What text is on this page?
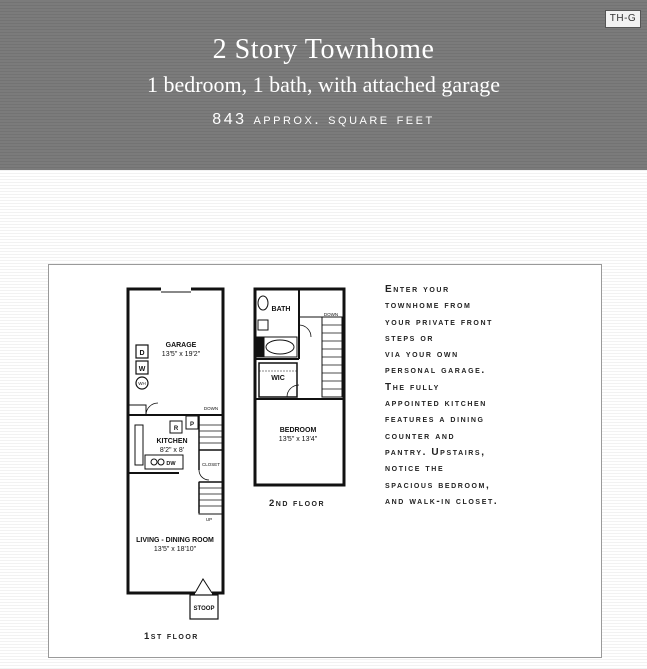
TH-G
2 Story Townhome
1 bedroom, 1 bath, with attached garage
843 approx. square feet
GARAGE
13'5" x 19'2"
D
W
WH
R
P
KITCHEN
8'2" x 8'
DW
DOWN
CLOSET
UP
LIVING - DINING ROOM
13'5" x 18'10"
STOOP
BATH
WIC
DOWN
BEDROOM
13'5" x 13'4"
2nd floor
1st floor
Enter your
townhome from
your private front
steps or
via your own
personal garage.
The fully
appointed kitchen
features a dining
counter and
pantry. Upstairs,
notice the
spacious bedroom,
and walk-in closet.
